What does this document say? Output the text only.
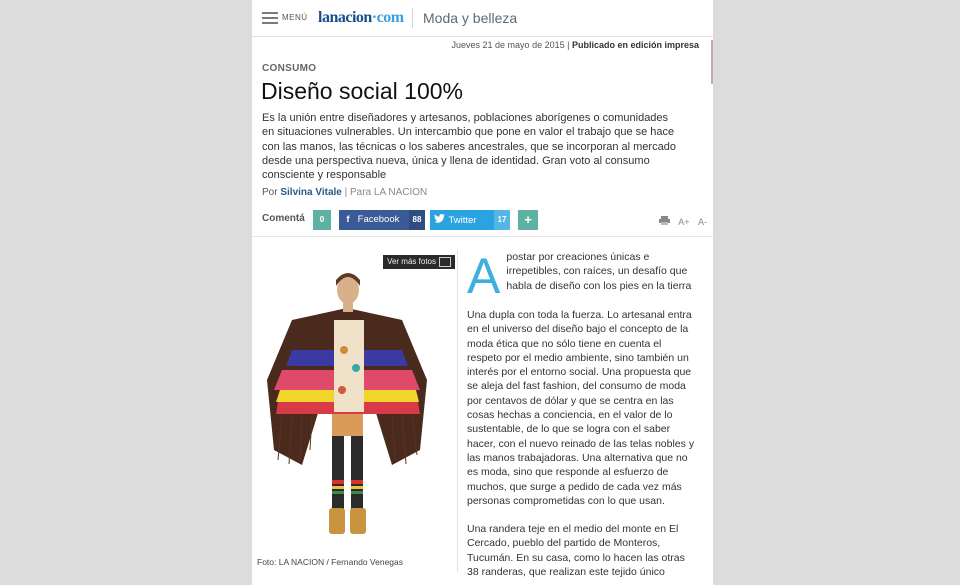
MENÚ lanacion·com Moda y belleza
Jueves 21 de mayo de 2015 | Publicado en edición impresa
CONSUMO
Diseño social 100%

Es la unión entre diseñadores y artesanos, poblaciones aborígenes o comunidades en situaciones vulnerables. Un intercambio que pone en valor el trabajo que se hace con las manos, las técnicas o los saberes ancestrales, que se incorporan al mercado desde una perspectiva nueva, única y llena de identidad. Gran voto al consumo consciente y responsable

Por Silvina Vitale | Para LA NACION
Comentá	0	f Facebook	88	Twitter	17	+	A+ A-
Ver más fotos
Foto: LA NACION / Fernando Venegas

Apostar por creaciones únicas e irrepetibles, con raíces, un desafío que habla de diseño con los pies en la tierra

Una dupla con toda la fuerza. Lo artesanal entra en el universo del diseño bajo el concepto de la moda ética que no sólo tiene en cuenta el respeto por el medio ambiente, sino también un interés por el entorno social. Una propuesta que se aleja del fast fashion, del consumo de moda por centavos de dólar y que se centra en las cosas hechas a conciencia, en el valor de lo sustentable, de lo que se logra con el saber hacer, con el nuevo reinado de las telas nobles y las manos trabajadoras. Una alternativa que no es moda, sino que responde al esfuerzo de muchos, que surge a pedido de cada vez más personas comprometidas con lo que usan.

Una randera teje en el medio del monte en El Cercado, pueblo del partido de Monteros, Tucumán. En su casa, como lo hacen las otras 38 randeras, que realizan este tejido único
